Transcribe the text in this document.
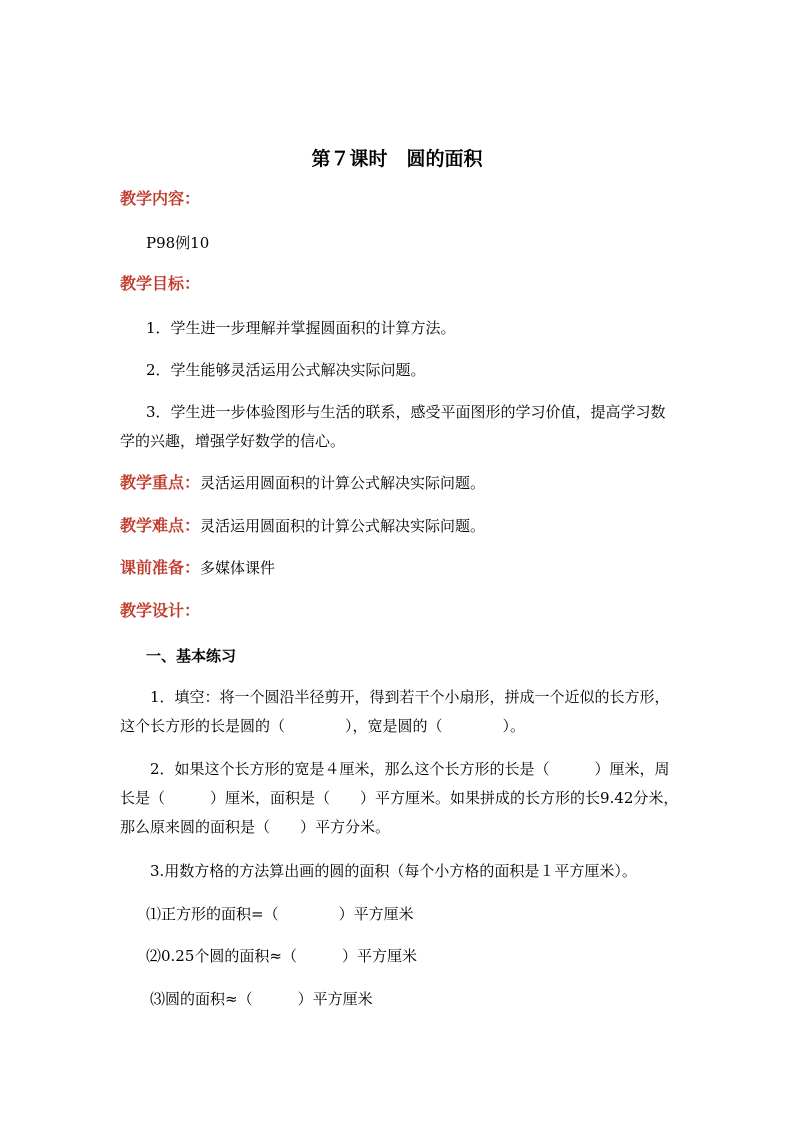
第７课时　圆的面积
教学内容：
P98例10
教学目标：
1．学生进一步理解并掌握圆面积的计算方法。
2．学生能够灵活运用公式解决实际问题。
3．学生进一步体验图形与生活的联系，感受平面图形的学习价值，提高学习数学的兴趣，增强学好数学的信心。
教学重点：灵活运用圆面积的计算公式解决实际问题。
教学难点：灵活运用圆面积的计算公式解决实际问题。
课前准备：多媒体课件
教学设计：
一、基本练习
1．填空：将一个圆沿半径剪开，得到若干个小扇形，拼成一个近似的长方形，这个长方形的长是圆的（　　　　），宽是圆的（　　　　）。
2．如果这个长方形的宽是４厘米，那么这个长方形的长是（　　　）厘米，周长是（　　　）厘米，面积是（　　）平方厘米。如果拼成的长方形的长9.42分米，那么原来圆的面积是（　　）平方分米。
3.用数方格的方法算出画的圆的面积（每个小方格的面积是１平方厘米）。
⑴正方形的面积=（　　　　）平方厘米
⑵0.25个圆的面积≈（　　　）平方厘米
⑶圆的面积≈（　　　）平方厘米
